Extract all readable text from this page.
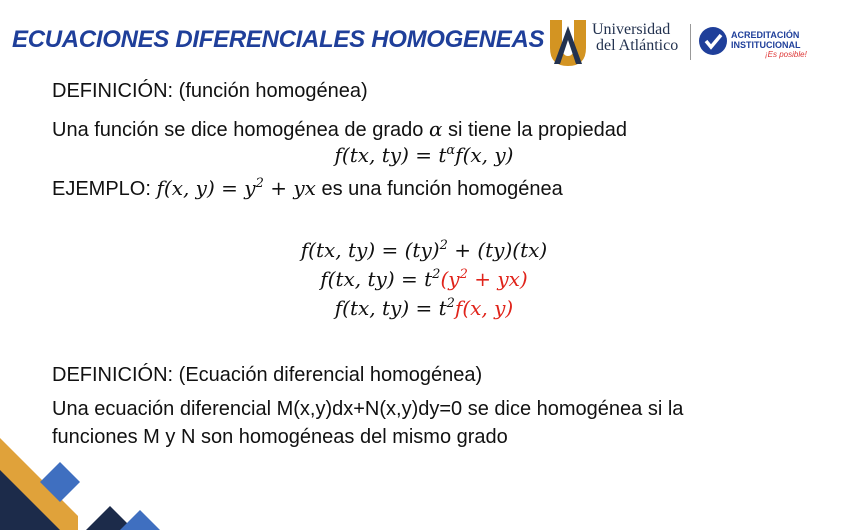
ECUACIONES DIFERENCIALES HOMOGENEAS	Universidad
del Atlántico
ACREDITACIÓN
INSTITUCIONAL
¡Es posible!
DEFINICIÓN: (función homogénea)
Una función se dice homogénea de grado α si tiene la propiedad
f(tx, $ty) = t^\alpha f(x$, y)
EJEMPLO: f(x, $y) = y^2$ + yx es una función homogénea
f(tx, ty) = (ty)$^2$ + (ty)(tx)
f(tx, $ty) = t^2(y^2 + yx)$
f(tx, $ty) = t^2f(x$, y)
DEFINICIÓN: (Ecuación diferencial homogénea)
Una ecuación diferencial M(x,y)dx+N(x,y)dy=0 se dice homogénea si la
funciones M y N son homogéneas del mismo grado
